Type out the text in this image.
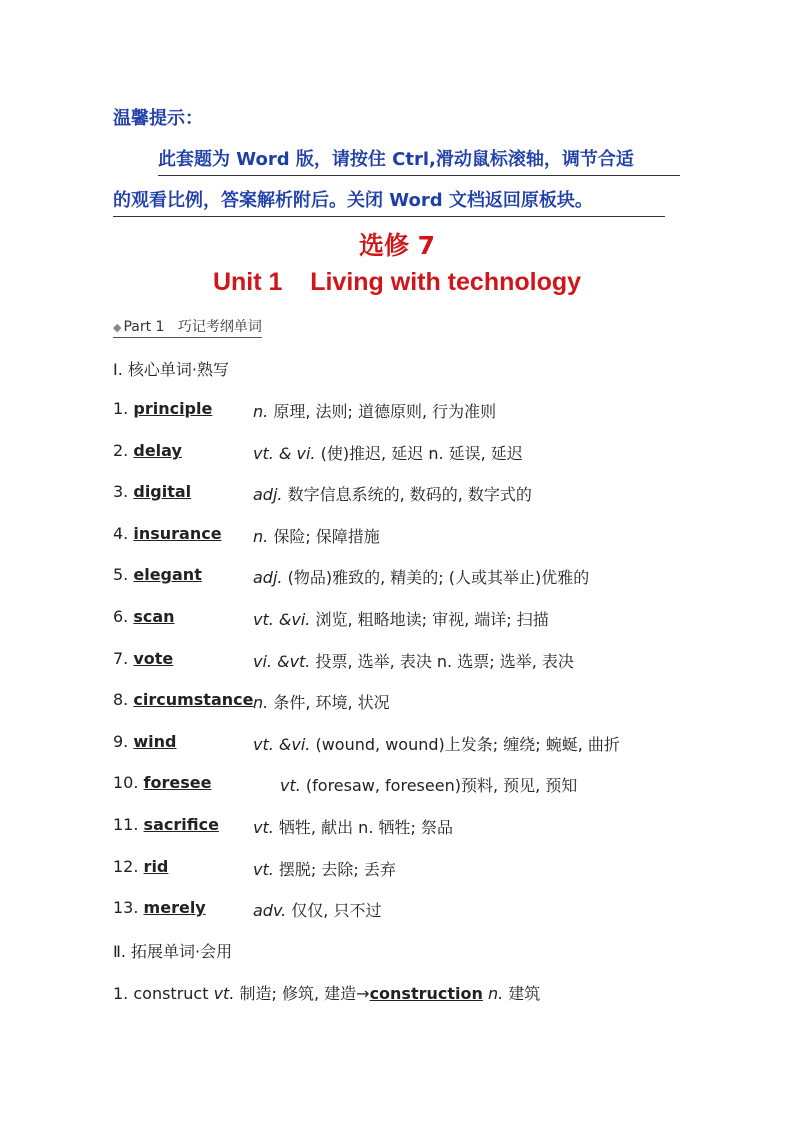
温馨提示：
此套题为 Word 版，请按住 Ctrl,滑动鼠标滚轴，调节合适
的观看比例，答案解析附后。关闭 Word 文档返回原板块。
选修 7
Unit 1    Living with technology
◆ Part 1   巧记考纲单词
Ⅰ. 核心单词·熟写
1. principle	n. 原理, 法则; 道德原则, 行为准则
2. delay	vt. & vi. (使)推迟, 延迟 n. 延误, 延迟
3. digital	adj. 数字信息系统的, 数码的, 数字式的
4. insurance n. 保险; 保障措施
5. elegant	adj. (物品)雅致的, 精美的; (人或其举止)优雅的
6. scan	vt. &vi. 浏览, 粗略地读; 审视, 端详; 扫描
7. vote	vi. &vt. 投票, 选举, 表决 n. 选票; 选举, 表决
8. circumstance n. 条件, 环境, 状况
9. wind	vt. &vi. (wound, wound)上发条; 缠绕; 蜿蜒, 曲折
10. foresee	vt. (foresaw, foreseen)预料, 预见, 预知
11. sacrifice vt. 牺牲, 献出 n. 牺牲; 祭品
12. rid	vt. 摆脱; 去除; 丢弃
13. merely	adv. 仅仅, 只不过
Ⅱ. 拓展单词·会用
1. construct vt. 制造; 修筑, 建造→construction n. 建筑
